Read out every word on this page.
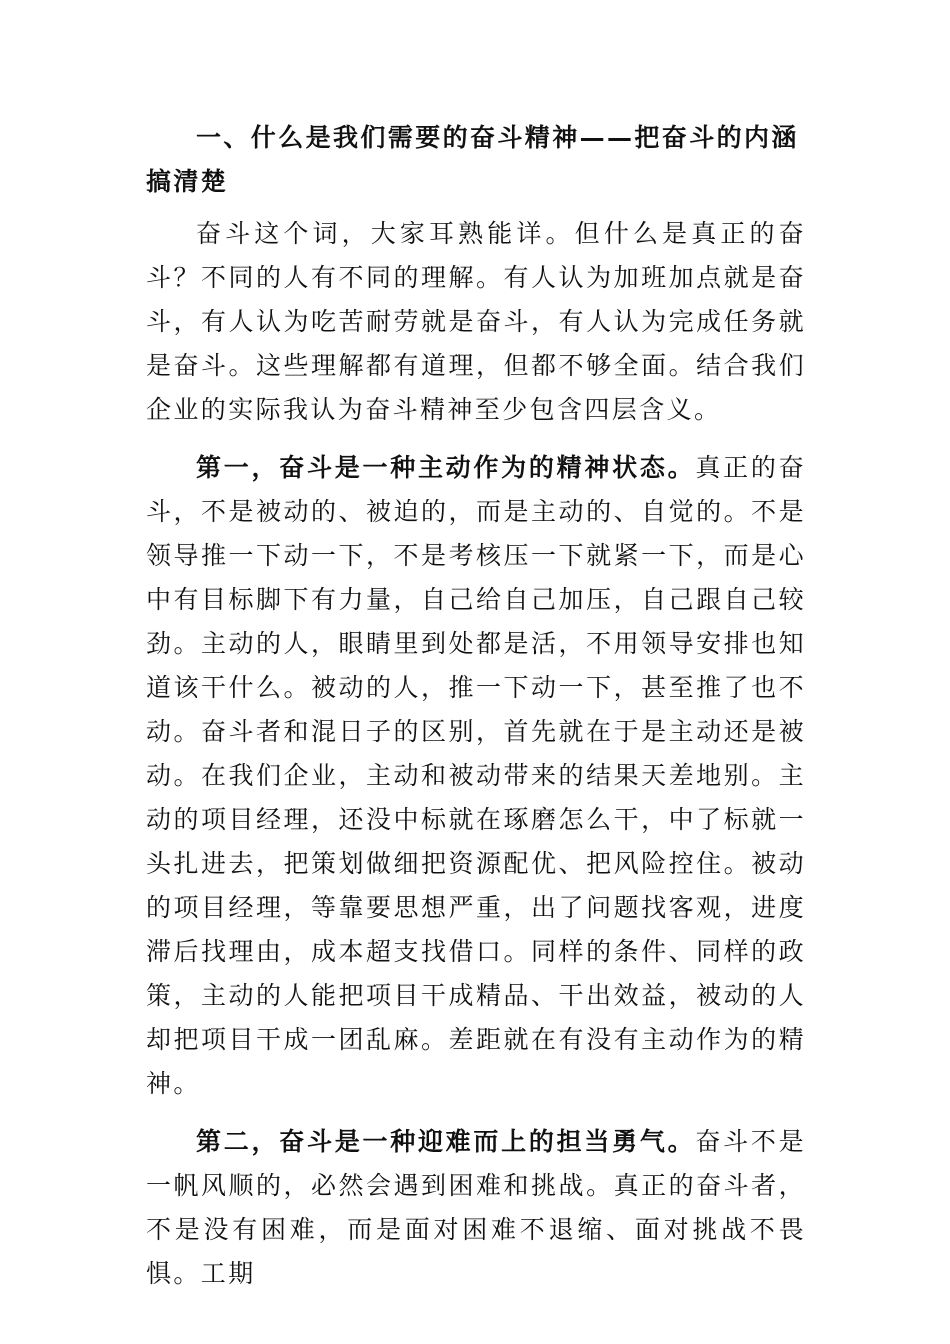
一、什么是我们需要的奋斗精神——把奋斗的内涵搞清楚

奋斗这个词，大家耳熟能详。但什么是真正的奋斗？不同的人有不同的理解。有人认为加班加点就是奋斗，有人认为吃苦耐劳就是奋斗，有人认为完成任务就是奋斗。这些理解都有道理，但都不够全面。结合我们企业的实际我认为奋斗精神至少包含四层含义。

第一，奋斗是一种主动作为的精神状态。真正的奋斗，不是被动的、被迫的，而是主动的、自觉的。不是领导推一下动一下，不是考核压一下就紧一下，而是心中有目标脚下有力量，自己给自己加压，自己跟自己较劲。主动的人，眼睛里到处都是活，不用领导安排也知道该干什么。被动的人，推一下动一下，甚至推了也不动。奋斗者和混日子的区别，首先就在于是主动还是被动。在我们企业，主动和被动带来的结果天差地别。主动的项目经理，还没中标就在琢磨怎么干，中了标就一头扎进去，把策划做细把资源配优、把风险控住。被动的项目经理，等靠要思想严重，出了问题找客观，进度滞后找理由，成本超支找借口。同样的条件、同样的政策，主动的人能把项目干成精品、干出效益，被动的人却把项目干成一团乱麻。差距就在有没有主动作为的精神。

第二，奋斗是一种迎难而上的担当勇气。奋斗不是一帆风顺的，必然会遇到困难和挑战。真正的奋斗者，不是没有困难，而是面对困难不退缩、面对挑战不畏惧。工期
